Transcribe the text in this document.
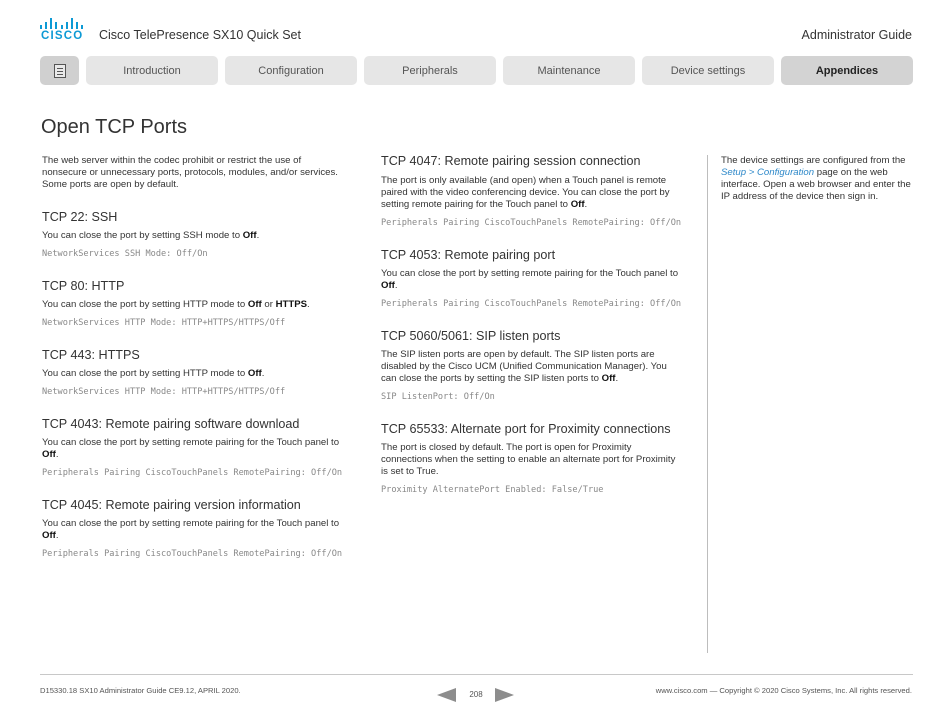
CISCO Cisco TelePresence SX10 Quick Set	Administrator Guide
Introduction	Configuration	Peripherals	Maintenance	Device settings	Appendices
Open TCP Ports

The web server within the codec prohibit or restrict the use of nonsecure or unnecessary ports, protocols, modules, and/or services. Some ports are open by default.

TCP 22: SSH

You can close the port by setting SSH mode to Off.

NetworkServices SSH Mode: Off/On

TCP 80: HTTP

You can close the port by setting HTTP mode to Off or HTTPS.

NetworkServices HTTP Mode: HTTP+HTTPS/HTTPS/Off

TCP 443: HTTPS

You can close the port by setting HTTP mode to Off.

NetworkServices HTTP Mode: HTTP+HTTPS/HTTPS/Off

TCP 4043: Remote pairing software download

You can close the port by setting remote pairing for the Touch panel to Off.

Peripherals Pairing CiscoTouchPanels RemotePairing: Off/On

TCP 4045: Remote pairing version information

You can close the port by setting remote pairing for the Touch panel to Off.

Peripherals Pairing CiscoTouchPanels RemotePairing: Off/On

TCP 4047: Remote pairing session connection

The port is only available (and open) when a Touch panel is remote paired with the video conferencing device. You can close the port by setting remote pairing for the Touch panel to Off.

Peripherals Pairing CiscoTouchPanels RemotePairing: Off/On

TCP 4053: Remote pairing port

You can close the port by setting remote pairing for the Touch panel to Off.

Peripherals Pairing CiscoTouchPanels RemotePairing: Off/On

TCP 5060/5061: SIP listen ports

The SIP listen ports are open by default. The SIP listen ports are disabled by the Cisco UCM (Unified Communication Manager). You can close the ports by setting the SIP listen ports to Off.

SIP ListenPort: Off/On

TCP 65533: Alternate port for Proximity connections

The port is closed by default. The port is open for Proximity connections when the setting to enable an alternate port for Proximity is set to True.

Proximity AlternatePort Enabled: False/True

The device settings are configured from the Setup > Configuration page on the web interface. Open a web browser and enter the IP address of the device then sign in.

D15330.18 SX10 Administrator Guide CE9.12, APRIL 2020.	208	www.cisco.com — Copyright © 2020 Cisco Systems, Inc. All rights reserved.
